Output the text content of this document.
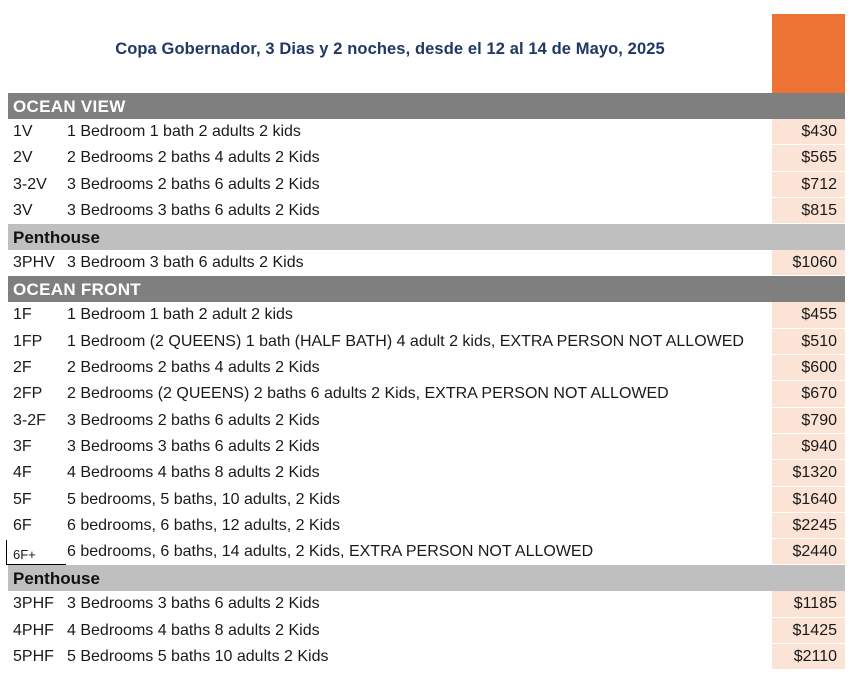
Copa Gobernador, 3 Dias y 2 noches, desde el 12 al 14 de Mayo, 2025
OCEAN VIEW
1V 1 Bedroom 1 bath 2 adults 2 kids	$430
2V 2 Bedrooms 2 baths 4 adults 2 Kids	$565
3-2V 3 Bedrooms 2 baths 6 adults 2 Kids	$712
3V 3 Bedrooms 3 baths 6 adults 2 Kids	$815
Penthouse
3PHV 3 Bedroom 3 bath 6 adults 2 Kids	$1060
OCEAN FRONT
1F 1 Bedroom 1 bath 2 adult 2 kids	$455
1FP 1 Bedroom (2 QUEENS) 1 bath (HALF BATH) 4 adult 2 kids, EXTRA PERSON NOT ALLOWED	$510
2F 2 Bedrooms 2 baths 4 adults 2 Kids	$600
2FP 2 Bedrooms (2 QUEENS) 2 baths 6 adults 2 Kids, EXTRA PERSON NOT ALLOWED	$670
3-2F 3 Bedrooms 2 baths 6 adults 2 Kids	$790
3F 3 Bedrooms 3 baths 6 adults 2 Kids	$940
4F 4 Bedrooms 4 baths 8 adults 2 Kids	$1320
5F 5 bedrooms, 5 baths, 10 adults, 2 Kids	$1640
6F 6 bedrooms, 6 baths, 12 adults, 2 Kids	$2245
6F+ 6 bedrooms, 6 baths, 14 adults, 2 Kids, EXTRA PERSON NOT ALLOWED	$2440
Penthouse
3PHF 3 Bedrooms 3 baths 6 adults 2 Kids	$1185
4PHF 4 Bedrooms 4 baths 8 adults 2 Kids	$1425
5PHF 5 Bedrooms 5 baths 10 adults 2 Kids	$2110
